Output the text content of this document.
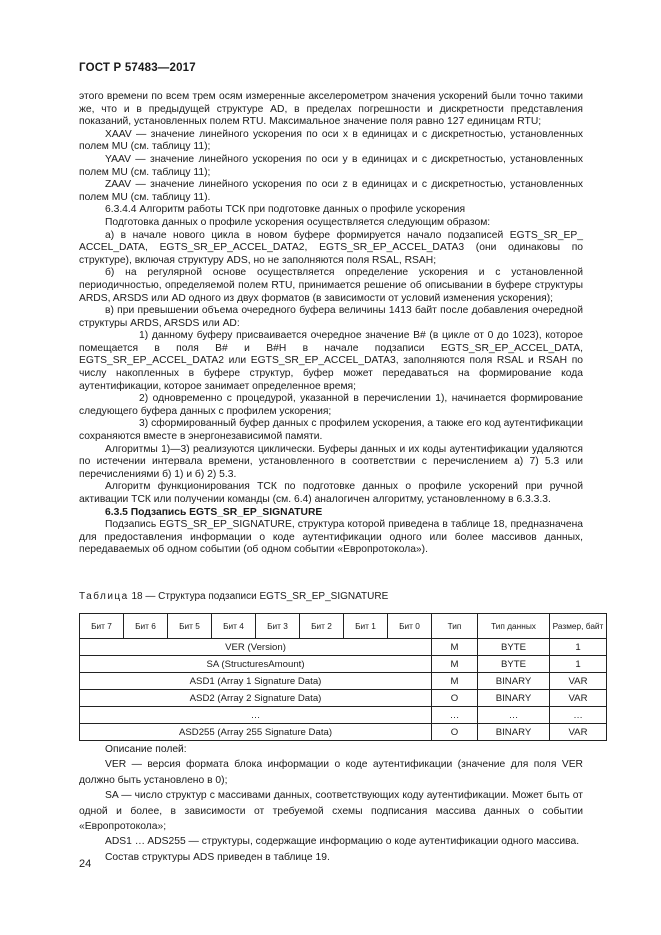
ГОСТ Р 57483—2017

этого времени по всем трем осям измеренные акселерометром значения ускорений были точно такими же, что и в предыдущей структуре AD, в пределах погрешности и дискретности представления показаний, установленных полем RTU. Максимальное значение поля равно 127 единицам RTU;

XAAV — значение линейного ускорения по оси x в единицах и с дискретностью, установленных полем MU (см. таблицу 11);

YAAV — значение линейного ускорения по оси y в единицах и с дискретностью, установленных полем MU (см. таблицу 11);

ZAAV — значение линейного ускорения по оси z в единицах и с дискретностью, установленных полем MU (см. таблицу 11).

6.3.4.4 Алгоритм работы ТСК при подготовке данных о профиле ускорения

Подготовка данных о профиле ускорения осуществляется следующим образом:

а) в начале нового цикла в новом буфере формируется начало подзаписей EGTS_SR_EP_ ACCEL_DATA, EGTS_SR_EP_ACCEL_DATA2, EGTS_SR_EP_ACCEL_DATA3 (они одинаковы по структуре), включая структуру ADS, но не заполняются поля RSAL, RSAH;

б) на регулярной основе осуществляется определение ускорения и с установленной периодичностью, определяемой полем RTU, принимается решение об описывании в буфере структуры ARDS, ARSDS или AD одного из двух форматов (в зависимости от условий изменения ускорения);

в) при превышении объема очередного буфера величины 1413 байт после добавления очередной структуры ARDS, ARSDS или AD:

1) данному буферу присваивается очередное значение B# (в цикле от 0 до 1023), которое помещается в поля B# и B#H в начале подзаписи EGTS_SR_EP_ACCEL_DATA, EGTS_SR_EP_ACCEL_DATA2 или EGTS_SR_EP_ACCEL_DATA3, заполняются поля RSAL и RSAH по числу накопленных в буфере структур, буфер может передаваться на формирование кода аутентификации, которое занимает определенное время;

2) одновременно с процедурой, указанной в перечислении 1), начинается формирование следующего буфера данных с профилем ускорения;

3) сформированный буфер данных с профилем ускорения, а также его код аутентификации сохраняются вместе в энергонезависимой памяти.

Алгоритмы 1)—3) реализуются циклически. Буферы данных и их коды аутентификации удаляются по истечении интервала времени, установленного в соответствии с перечислением а) 7) 5.3 или перечислениями б) 1) и б) 2) 5.3.

Алгоритм функционирования ТСК по подготовке данных о профиле ускорений при ручной активации ТСК или получении команды (см. 6.4) аналогичен алгоритму, установленному в 6.3.3.3.

6.3.5 Подзапись EGTS_SR_EP_SIGNATURE

Подзапись EGTS_SR_EP_SIGNATURE, структура которой приведена в таблице 18, предназначена для предоставления информации о коде аутентификации одного или более массивов данных, передаваемых об одном событии (об одном событии «Европротокола»).

Таблица 18 — Структура подзаписи EGTS_SR_EP_SIGNATURE
Бит 7	Бит 6	Бит 5	Бит 4	Бит 3	Бит 2	Бит 1	Бит 0	Тип	Тип данных	Размер, байт
VER (Version)								M	BYTE	1
SA (StructuresAmount)								M	BYTE	1
ASD1 (Array 1 Signature Data)								M	BINARY	VAR
ASD2 (Array 2 Signature Data)								O	BINARY	VAR
…								…	…	…
ASD255 (Array 255 Signature Data)								O	BINARY	VAR

Описание полей:

VER — версия формата блока информации о коде аутентификации (значение для поля VER должно быть установлено в 0);

SA — число структур с массивами данных, соответствующих коду аутентификации. Может быть от одной и более, в зависимости от требуемой схемы подписания массива данных о событии «Европротокола»;

ADS1 … ADS255 — структуры, содержащие информацию о коде аутентификации одного массива.

Состав структуры ADS приведен в таблице 19.

24
